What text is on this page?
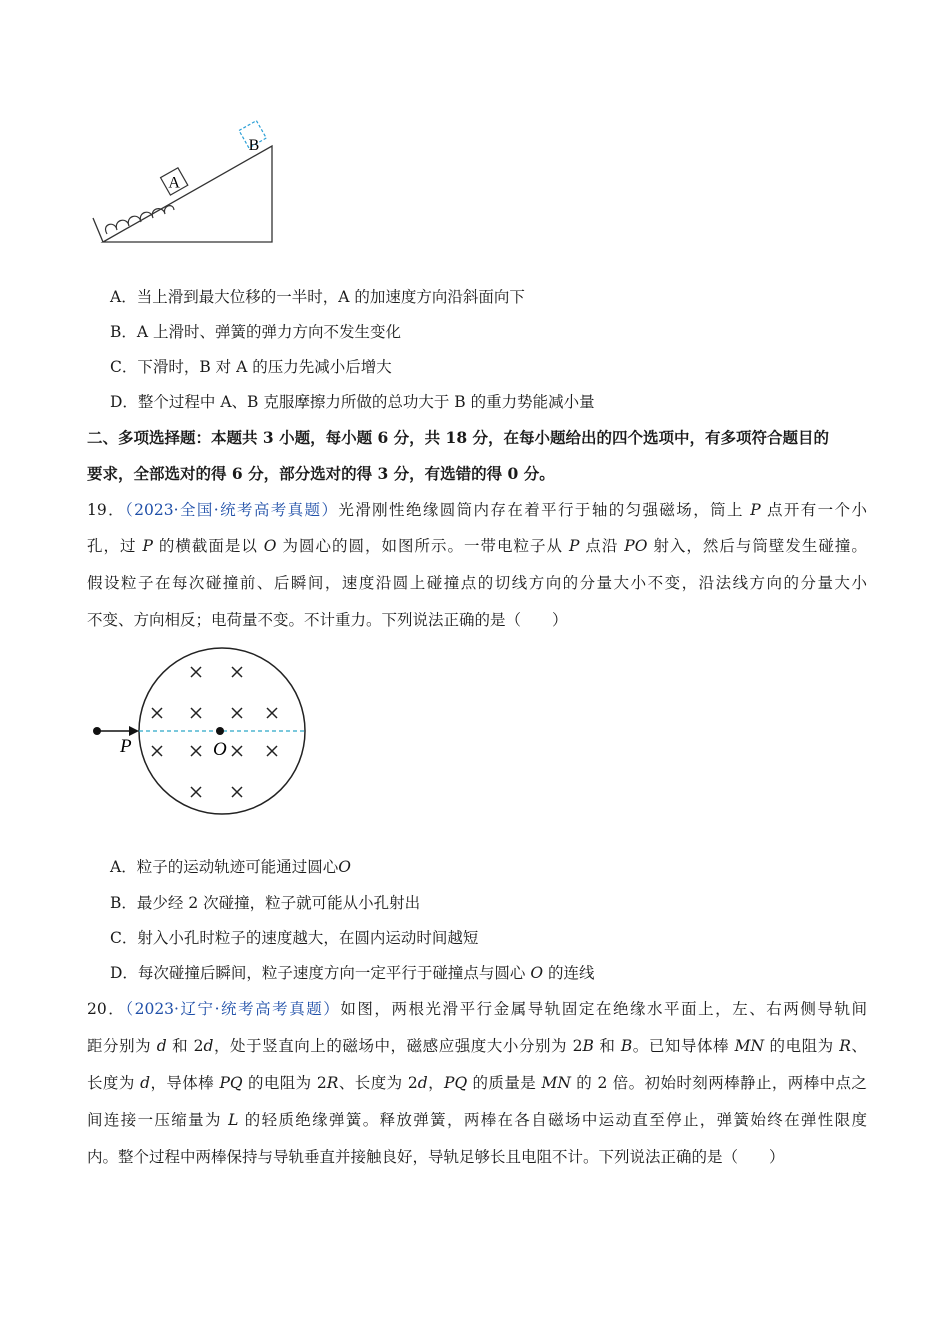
A
B
A．当上滑到最大位移的一半时，A 的加速度方向沿斜面向下
B．A 上滑时、弹簧的弹力方向不发生变化
C．下滑时，B 对 A 的压力先减小后增大
D．整个过程中 A、B 克服摩擦力所做的总功大于 B 的重力势能减小量
二、多项选择题：本题共 3 小题，每小题 6 分，共 18 分，在每小题给出的四个选项中，有多项符合题目的
要求，全部选对的得 6 分，部分选对的得 3 分，有选错的得 0 分。
19．（2023·全国·统考高考真题）光滑刚性绝缘圆筒内存在着平行于轴的匀强磁场，筒上 P 点开有一个小
孔，过 P 的横截面是以 O 为圆心的圆，如图所示。一带电粒子从 P 点沿 PO 射入，然后与筒壁发生碰撞。
假设粒子在每次碰撞前、后瞬间，速度沿圆上碰撞点的切线方向的分量大小不变，沿法线方向的分量大小
不变、方向相反；电荷量不变。不计重力。下列说法正确的是（　　）
P	O
A．粒子的运动轨迹可能通过圆心O
B．最少经 2 次碰撞，粒子就可能从小孔射出
C．射入小孔时粒子的速度越大，在圆内运动时间越短
D．每次碰撞后瞬间，粒子速度方向一定平行于碰撞点与圆心 O 的连线
20．（2023·辽宁·统考高考真题）如图，两根光滑平行金属导轨固定在绝缘水平面上，左、右两侧导轨间
距分别为 d 和 2d，处于竖直向上的磁场中，磁感应强度大小分别为 2B 和 B。已知导体棒 MN 的电阻为 R、
长度为 d，导体棒 PQ 的电阻为 2R、长度为 2d，PQ 的质量是 MN 的 2 倍。初始时刻两棒静止，两棒中点之
间连接一压缩量为 L 的轻质绝缘弹簧。释放弹簧，两棒在各自磁场中运动直至停止，弹簧始终在弹性限度
内。整个过程中两棒保持与导轨垂直并接触良好，导轨足够长且电阻不计。下列说法正确的是（　　）
